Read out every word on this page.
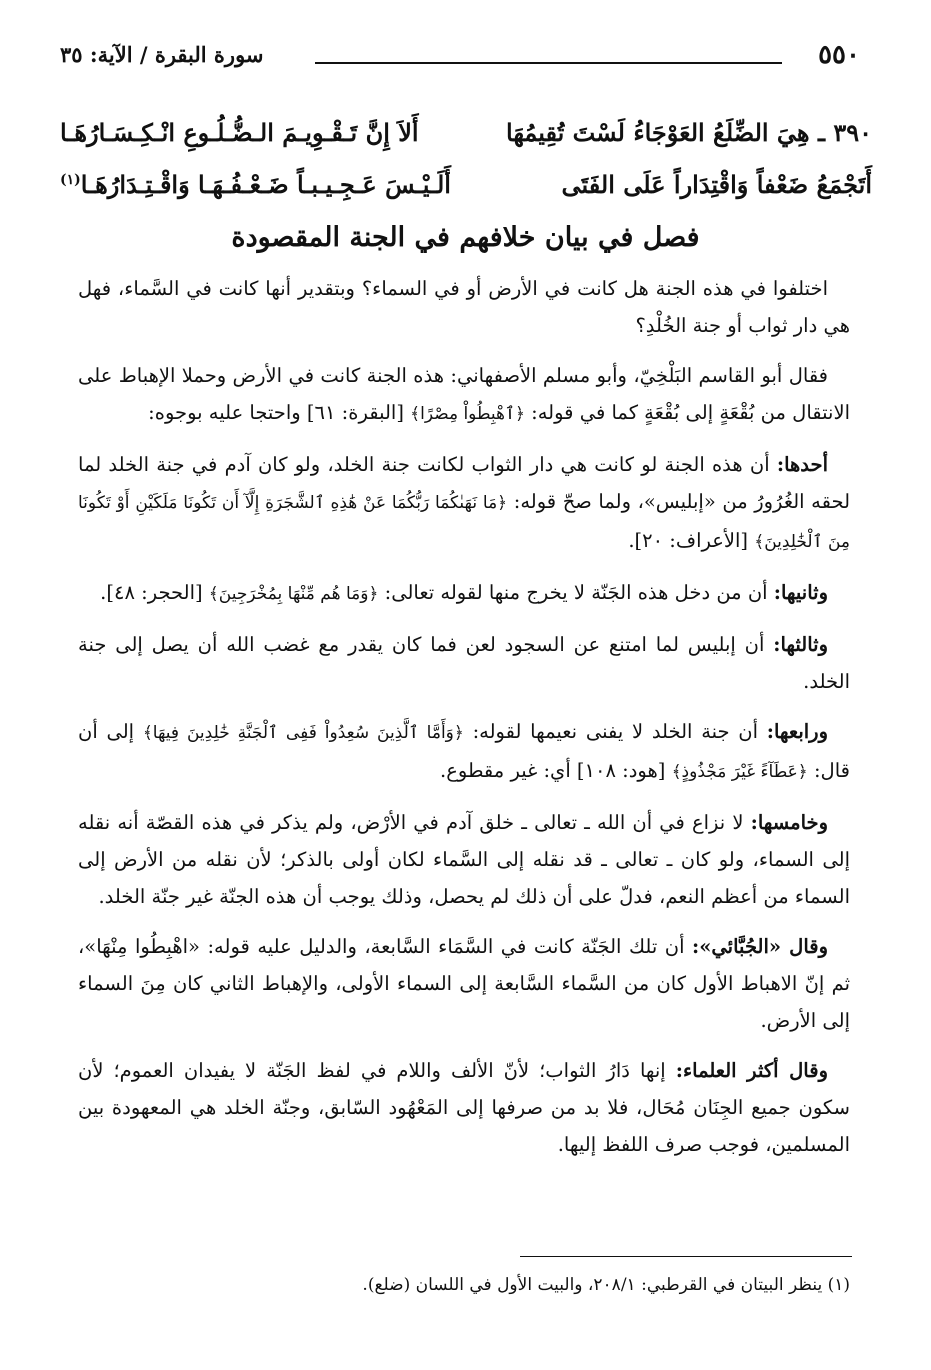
٥٥٠
سورة البقرة / الآية: ٣٥
٣٩٠ ـ هِيَ الضِّلَعُ العَوْجَاءُ لَسْتَ تُقِيمُهَا
أَلاَ إِنَّ تَـقْـوِيـمَ الـضُّـلُـوعِ انْـكِـسَـارُهَـا
أَتَجْمَعُ ضَعْفاً وَاقْتِدَاراً عَلَى الفَتَى
أَلَـيْـسَ عَـجِـيـبـاً ضَـعْـفُـهَـا وَاقْـتِـدَارُهَـا$^{(١)}$
فصل في بيان خلافهم في الجنة المقصودة

اختلفوا في هذه الجنة هل كانت في الأرض أو في السماء؟ وبتقدير أنها كانت في السَّماء، فهل هي دار ثواب أو جنة الخُلْدِ؟

فقال أبو القاسم البَلْخِيّ، وأبو مسلم الأصفهاني: هذه الجنة كانت في الأرض وحملا الإهباط على الانتقال من بُقْعَةٍ إلى بُقْعَةٍ كما في قوله: ﴿ٱهْبِطُواْ مِصْرًا﴾ [البقرة: ٦١] واحتجا عليه بوجوه:

أحدها: أن هذه الجنة لو كانت هي دار الثواب لكانت جنة الخلد، ولو كان آدم في جنة الخلد لما لحقه الغُرُورُ من «إبليس»، ولما صحّ قوله: ﴿مَا نَهَىٰكُمَا رَبُّكُمَا عَنْ هَٰذِهِ ٱلشَّجَرَةِ إِلَّآ أَن تَكُونَا مَلَكَيْنِ أَوْ تَكُونَا مِنَ ٱلْخَٰلِدِينَ﴾ [الأعراف: ٢٠].

وثانيها: أن من دخل هذه الجَنّة لا يخرج منها لقوله تعالى: ﴿وَمَا هُم مِّنْهَا بِمُخْرَجِينَ﴾ [الحجر: ٤٨].

وثالثها: أن إبليس لما امتنع عن السجود لعن فما كان يقدر مع غضب الله أن يصل إلى جنة الخلد.

ورابعها: أن جنة الخلد لا يفنى نعيمها لقوله: ﴿وَأَمَّا ٱلَّذِينَ سُعِدُواْ فَفِى ٱلْجَنَّةِ خَٰلِدِينَ فِيهَا﴾ إلى أن قال: ﴿عَطَآءً غَيْرَ مَجْذُوذٍ﴾ [هود: ١٠٨] أي: غير مقطوع.

وخامسها: لا نزاع في أن الله ـ تعالى ـ خلق آدم في الأرْض، ولم يذكر في هذه القصّة أنه نقله إلى السماء، ولو كان ـ تعالى ـ قد نقله إلى السَّماء لكان أولى بالذكر؛ لأن نقله من الأرض إلى السماء من أعظم النعم، فدلّ على أن ذلك لم يحصل، وذلك يوجب أن هذه الجنّة غير جنّة الخلد.

وقال «الجُبَّائي»: أن تلك الجَنّة كانت في السَّمَاء السَّابعة، والدليل عليه قوله: «اهْبِطُوا مِنْهَا»، ثم إنّ الاهباط الأول كان من السَّماء السَّابعة إلى السماء الأولى، والإهباط الثاني كان مِنَ السماء إلى الأرض.

وقال أكثر العلماء: إنها دَارُ الثواب؛ لأنّ الألف واللام في لفظ الجَنّة لا يفيدان العموم؛ لأن سكون جميع الجِنَان مُحَال، فلا بد من صرفها إلى المَعْهُود السّابق، وجنّة الخلد هي المعهودة بين المسلمين، فوجب صرف اللفظ إليها.

(١) ينظر البيتان في القرطبي: ٢٠٨/١، والبيت الأول في اللسان (ضلع).
